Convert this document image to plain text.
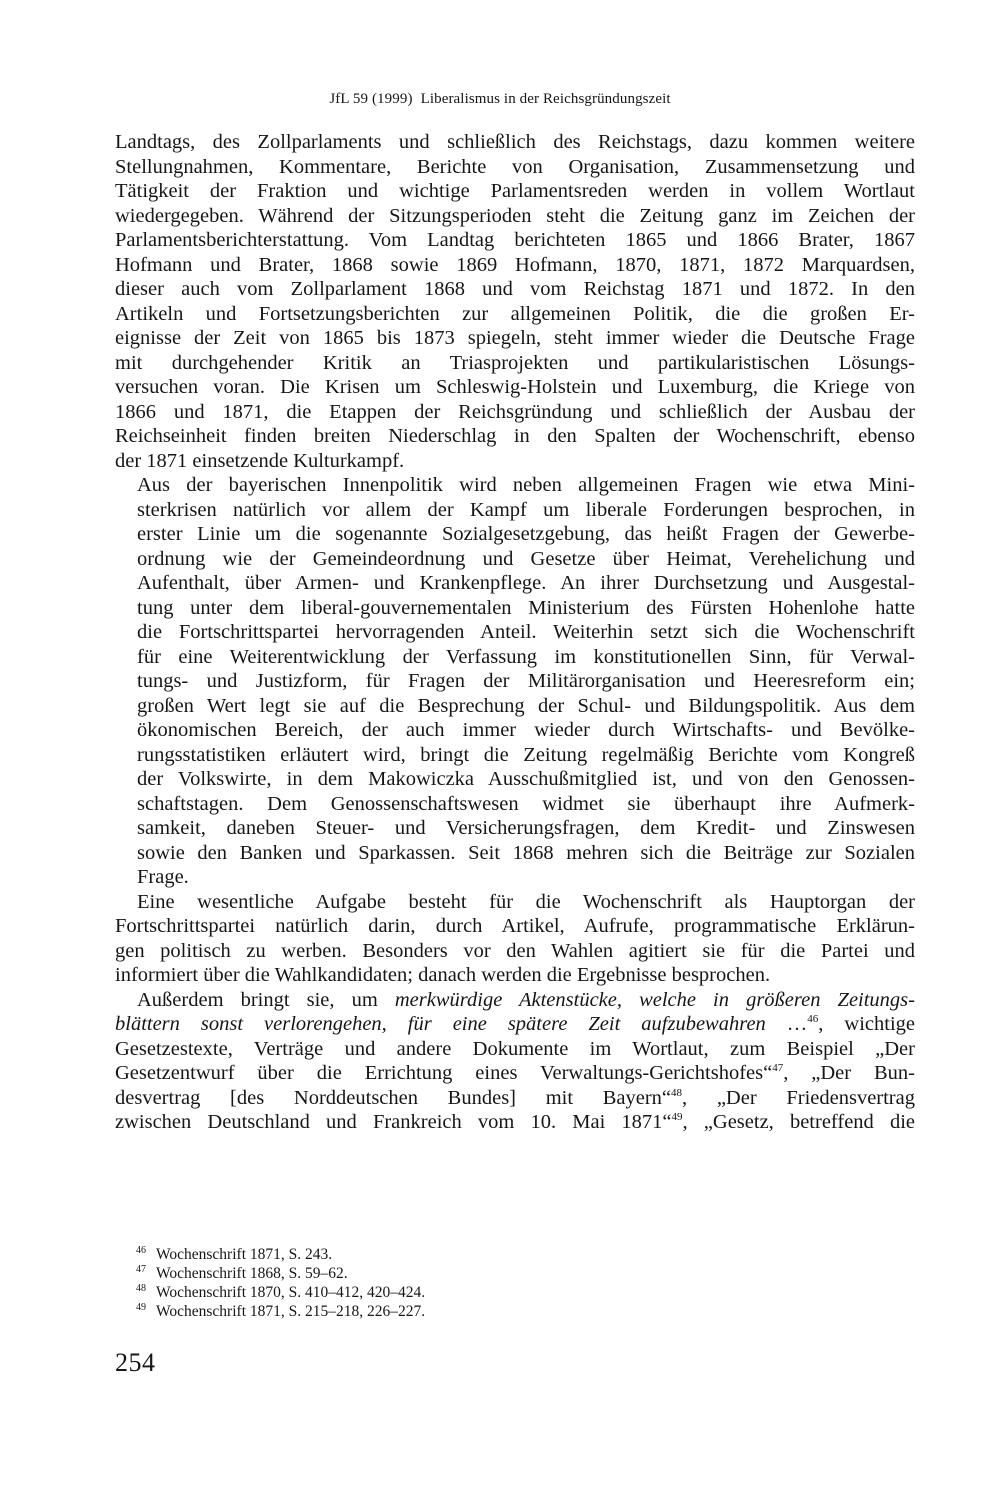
JfL 59 (1999) Liberalismus in der Reichsgründungszeit

Landtags, des Zollparlaments und schließlich des Reichstags, dazu kommen weitere
Stellungnahmen, Kommentare, Berichte von Organisation, Zusammensetzung und
Tätigkeit der Fraktion und wichtige Parlamentsreden werden in vollem Wortlaut
wiedergegeben. Während der Sitzungsperioden steht die Zeitung ganz im Zeichen der
Parlamentsberichterstattung. Vom Landtag berichteten 1865 und 1866 Brater, 1867
Hofmann und Brater, 1868 sowie 1869 Hofmann, 1870, 1871, 1872 Marquardsen,
dieser auch vom Zollparlament 1868 und vom Reichstag 1871 und 1872. In den
Artikeln und Fortsetzungsberichten zur allgemeinen Politik, die die großen Er-
eignisse der Zeit von 1865 bis 1873 spiegeln, steht immer wieder die Deutsche Frage
mit durchgehender Kritik an Triasprojekten und partikularistischen Lösungs-
versuchen voran. Die Krisen um Schleswig-Holstein und Luxemburg, die Kriege von
1866 und 1871, die Etappen der Reichsgründung und schließlich der Ausbau der
Reichseinheit finden breiten Niederschlag in den Spalten der Wochenschrift, ebenso
der 1871 einsetzende Kulturkampf.

Aus der bayerischen Innenpolitik wird neben allgemeinen Fragen wie etwa Mini-
sterkrisen natürlich vor allem der Kampf um liberale Forderungen besprochen, in
erster Linie um die sogenannte Sozialgesetzgebung, das heißt Fragen der Gewerbe-
ordnung wie der Gemeindeordnung und Gesetze über Heimat, Verehelichung und
Aufenthalt, über Armen- und Krankenpflege. An ihrer Durchsetzung und Ausgestal-
tung unter dem liberal-gouvernementalen Ministerium des Fürsten Hohenlohe hatte
die Fortschrittspartei hervorragenden Anteil. Weiterhin setzt sich die Wochenschrift
für eine Weiterentwicklung der Verfassung im konstitutionellen Sinn, für Verwal-
tungs- und Justizform, für Fragen der Militärorganisation und Heeresreform ein;
großen Wert legt sie auf die Besprechung der Schul- und Bildungspolitik. Aus dem
ökonomischen Bereich, der auch immer wieder durch Wirtschafts- und Bevölke-
rungsstatistiken erläutert wird, bringt die Zeitung regelmäßig Berichte vom Kongreß
der Volkswirte, in dem Makowiczka Ausschußmitglied ist, und von den Genossen-
schaftstagen. Dem Genossenschaftswesen widmet sie überhaupt ihre Aufmerk-
samkeit, daneben Steuer- und Versicherungsfragen, dem Kredit- und Zinswesen
sowie den Banken und Sparkassen. Seit 1868 mehren sich die Beiträge zur Sozialen
Frage.

Eine wesentliche Aufgabe besteht für die Wochenschrift als Hauptorgan der
Fortschrittspartei natürlich darin, durch Artikel, Aufrufe, programmatische Erklärun-
gen politisch zu werben. Besonders vor den Wahlen agitiert sie für die Partei und
informiert über die Wahlkandidaten; danach werden die Ergebnisse besprochen.

Außerdem bringt sie, um merkwürdige Aktenstücke, welche in größeren Zeitungs-
blättern sonst verlorengehen, für eine spätere Zeit aufzubewahren …$^{46}$, wichtige
Gesetzestexte, Verträge und andere Dokumente im Wortlaut, zum Beispiel „Der
Gesetzentwurf über die Errichtung eines Verwaltungs-Gerichtshofes“$^{47}$, „Der Bun-
desvertrag [des Norddeutschen Bundes] mit Bayern“$^{48}$, „Der Friedensvertrag
zwischen Deutschland und Frankreich vom 10. Mai 1871“$^{49}$, „Gesetz, betreffend die

46 Wochenschrift 1871, S. 243.
47 Wochenschrift 1868, S. 59–62.
48 Wochenschrift 1870, S. 410–412, 420–424.
49 Wochenschrift 1871, S. 215–218, 226–227.
254
